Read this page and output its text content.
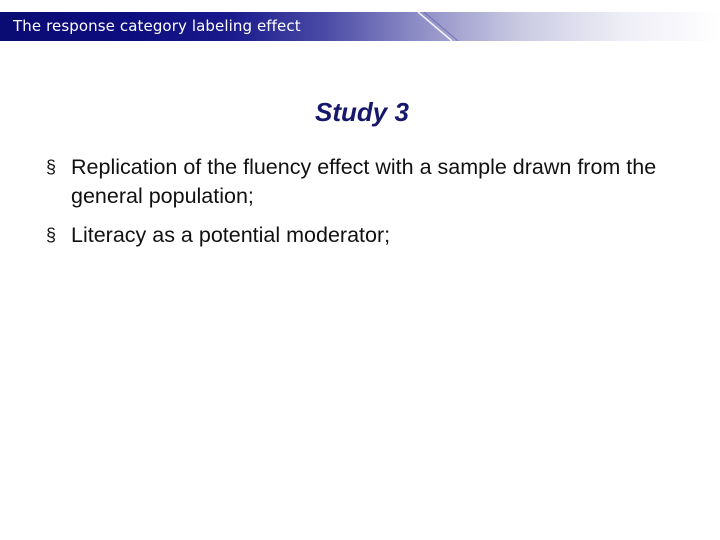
The response category labeling effect
Study 3
§ Replication of the fluency effect with a sample drawn from the general population;
§ Literacy as a potential moderator;
